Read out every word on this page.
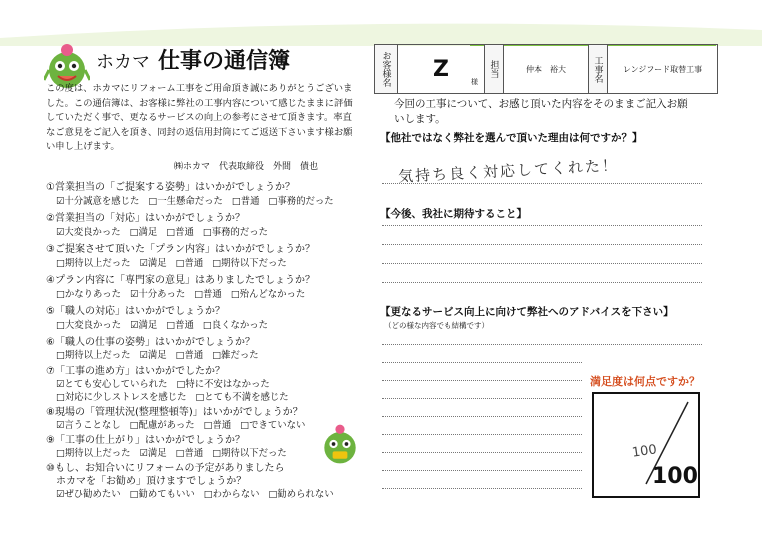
ホカマ 仕事の通信簿
この度は、ホカマにリフォーム工事をご用命頂き誠にありがとうございました。この通信簿は、お客様に弊社の工事内容について感じたままに評価していただく事で、更なるサービスの向上の参考にさせて頂きます。率直なご意見をご記入を頂き、同封の返信用封筒にてご返送下さいます様お願い申し上げます。
㈱ホカマ　代表取締役　外間　債也
①営業担当の「ご提案する姿勢」はいかがでしょうか？
☑十分誠意を感じた □一生懸命だった □普通 □事務的だった
②営業担当の「対応」はいかがでしょうか？
☑大変良かった □満足 □普通 □事務的だった
③ご提案させて頂いた「プラン内容」はいかがでしょうか？
□期待以上だった ☑満足 □普通 □期待以下だった
④プラン内容に「専門家の意見」はありましたでしょうか？
□かなりあった ☑十分あった □普通 □殆んどなかった
⑤「職人の対応」はいかがでしょうか？
□大変良かった ☑満足 □普通 □良くなかった
⑥「職人の仕事の姿勢」はいかがでしょうか？
□期待以上だった ☑満足 □普通 □雑だった
⑦「工事の進め方」はいかがでしたか？
☑とても安心していられた □特に不安はなかった
□対応に少しストレスを感じた □とても不満を感じた
⑧現場の「管理状況(整理整頓等)」はいかがでしょうか？
☑言うことなし □配慮があった □普通 □できていない
⑨「工事の仕上がり」はいかがでしょうか？
□期待以上だった ☑満足 □普通 □期待以下だった
⑩もし、お知合いにリフォームの予定がありましたら
　ホカマを「お勧め」頂けますでしょうか？
☑ぜひ勧めたい □勧めてもいい □わからない □勧められない
お客様名 Z
様
担当	仲本　裕大	工事名	レンジフード取替工事
今回の工事について、お感じ頂いた内容をそのままご記入お願いします。
【他社ではなく弊社を選んで頂いた理由は何ですか？】
気持ち良く対応してくれた！
【今後、我社に期待すること】
【更なるサービス向上に向けて弊社へのアドバイスを下さい】
（どの様な内容でも結構です）
満足度は何点ですか？
100
100
